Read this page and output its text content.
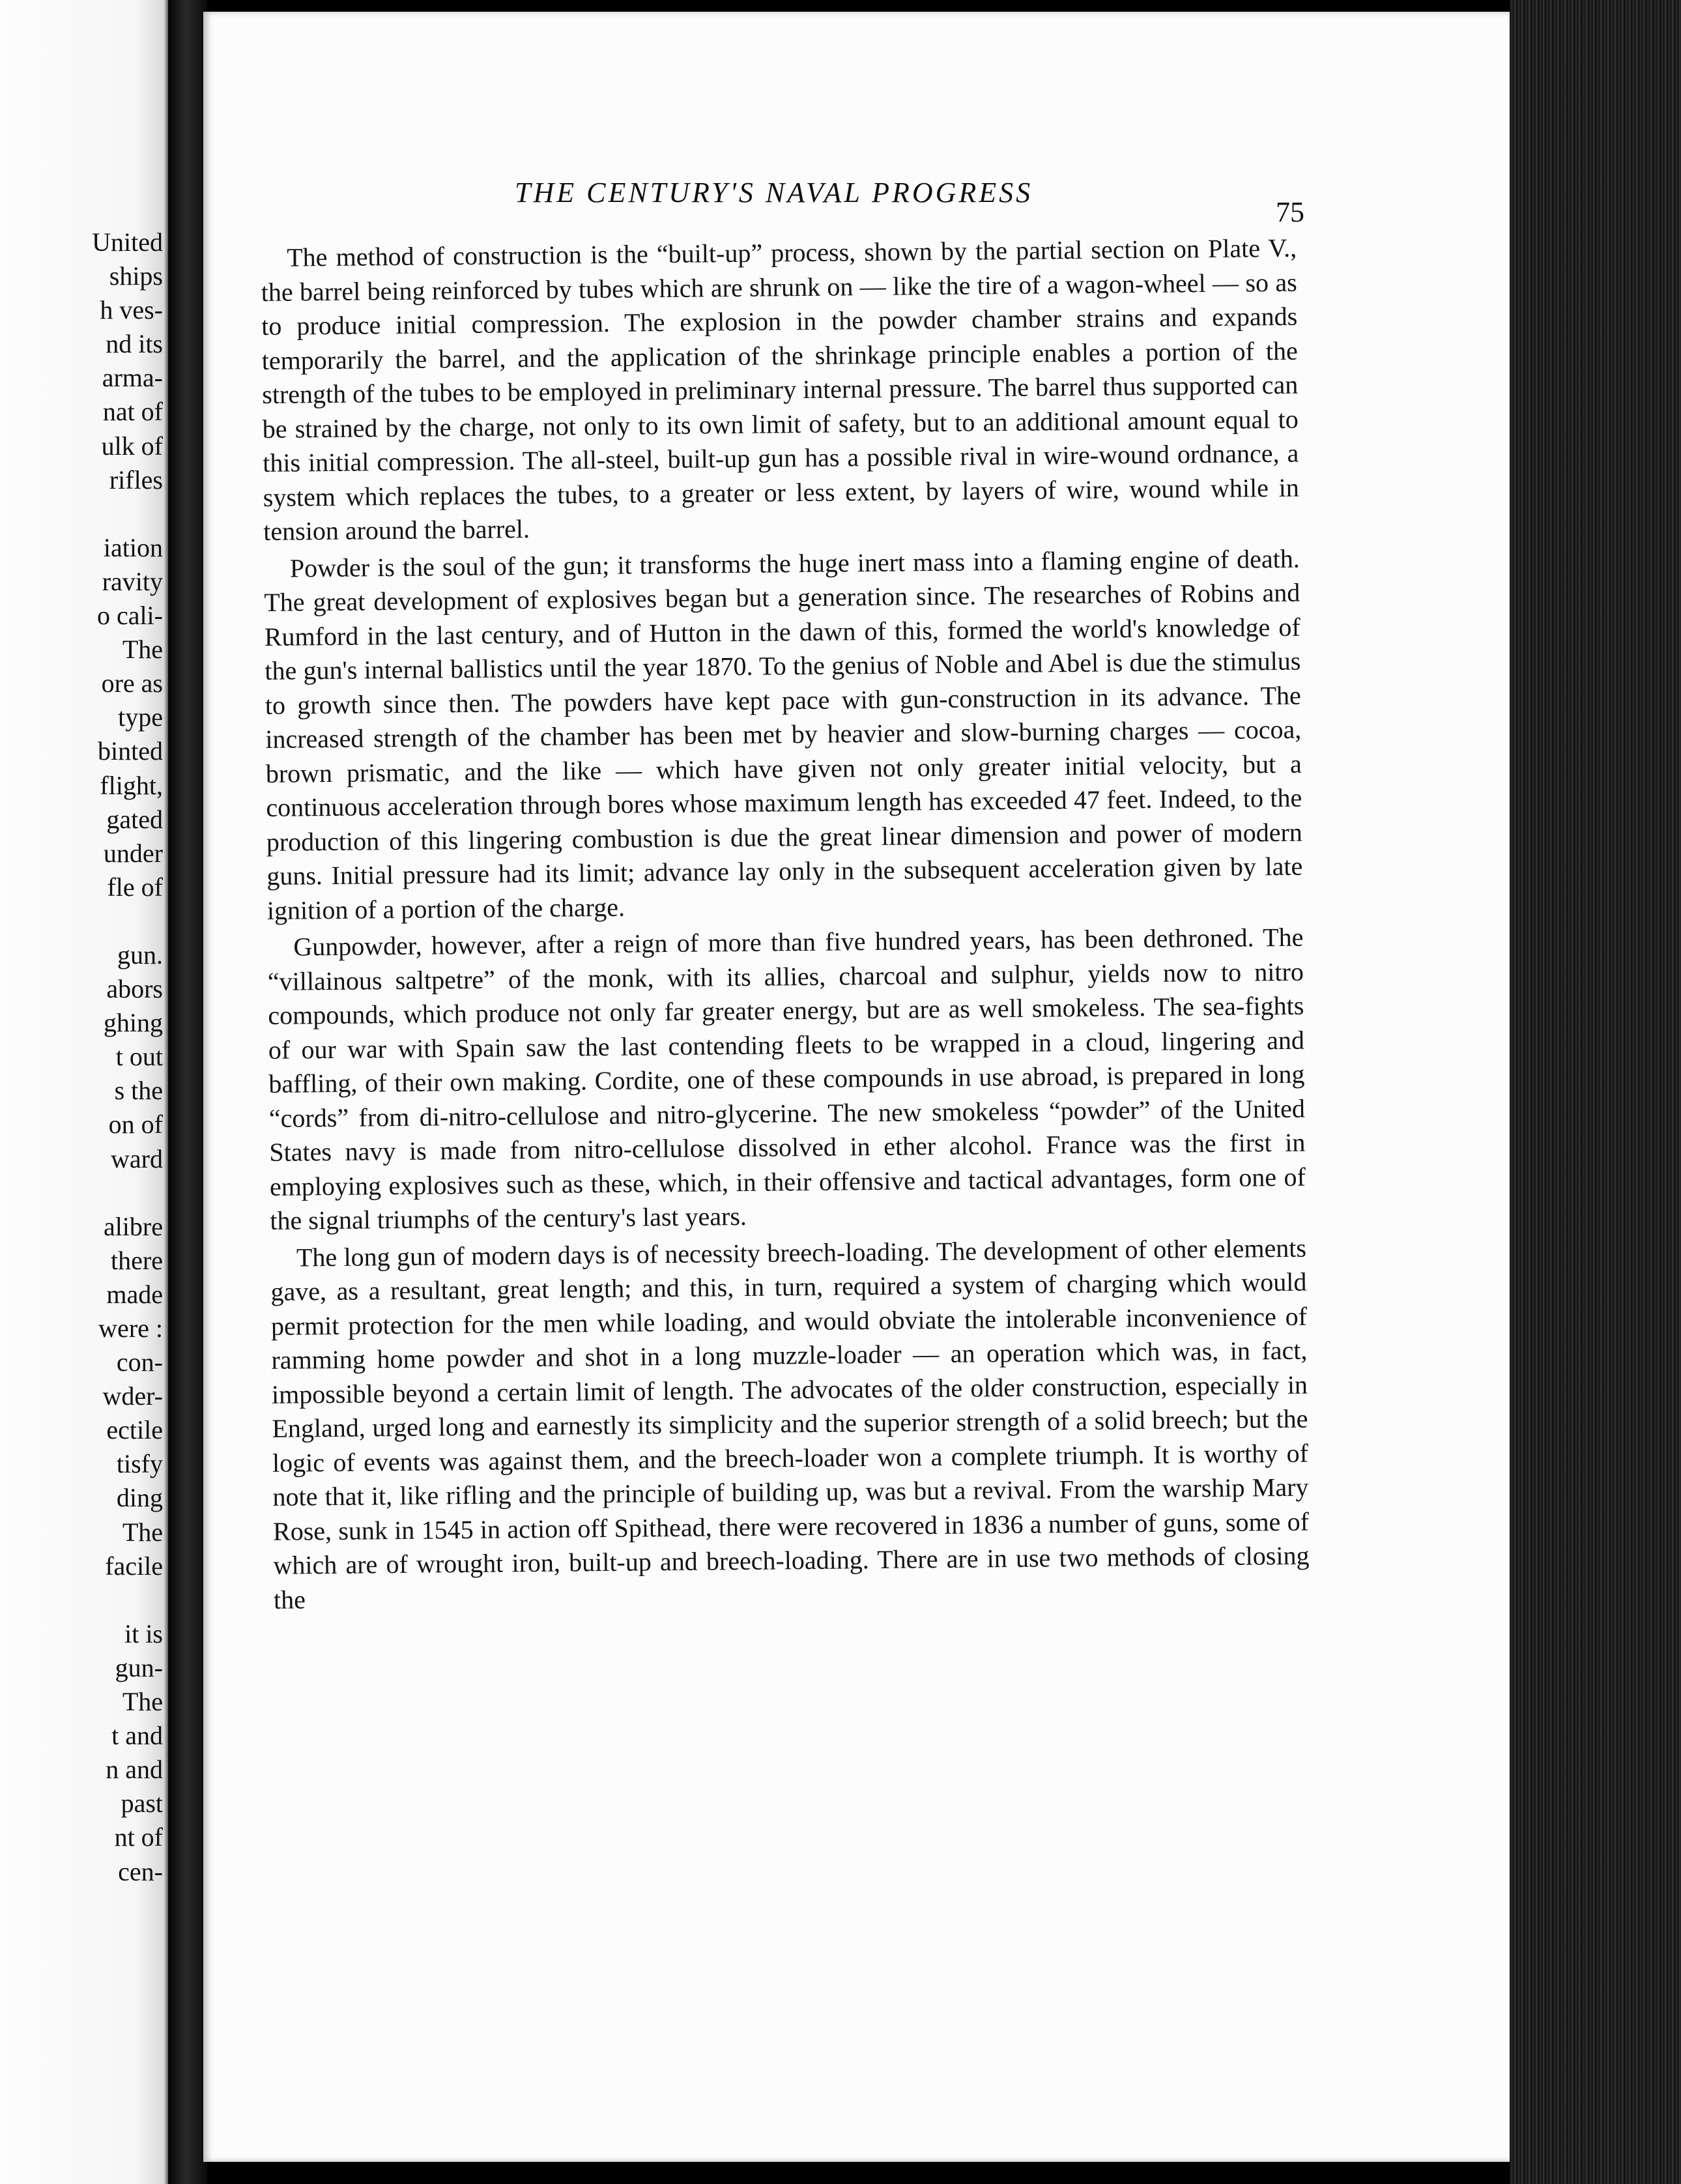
United
ships
h ves-
nd its
arma-
nat of
ulk of
rifles
iation
ravity
o cali-
The
ore as
type
binted
flight,
gated
under
fle of
gun.
abors
ghing
t out
s the
on of
ward
alibre
there
made
were :
con-
wder-
ectile
tisfy
ding
The
facile
it is
gun-
The
t and
n and
past
nt of
cen-
THE CENTURY'S NAVAL PROGRESS
75

The method of construction is the “built-up” process, shown by the partial section on Plate V., the barrel being reinforced by tubes which are shrunk on — like the tire of a wagon-wheel — so as to produce initial compression. The explosion in the powder chamber strains and expands temporarily the barrel, and the application of the shrinkage principle enables a portion of the strength of the tubes to be employed in preliminary internal pressure. The barrel thus supported can be strained by the charge, not only to its own limit of safety, but to an additional amount equal to this initial compression. The all-steel, built-up gun has a possible rival in wire-wound ordnance, a system which replaces the tubes, to a greater or less extent, by layers of wire, wound while in tension around the barrel.

Powder is the soul of the gun; it transforms the huge inert mass into a flaming engine of death. The great development of explosives began but a generation since. The researches of Robins and Rumford in the last century, and of Hutton in the dawn of this, formed the world's knowledge of the gun's internal ballistics until the year 1870. To the genius of Noble and Abel is due the stimulus to growth since then. The powders have kept pace with gun-construction in its advance. The increased strength of the chamber has been met by heavier and slow-burning charges — cocoa, brown prismatic, and the like — which have given not only greater initial velocity, but a continuous acceleration through bores whose maximum length has exceeded 47 feet. Indeed, to the production of this lingering combustion is due the great linear dimension and power of modern guns. Initial pressure had its limit; advance lay only in the subsequent acceleration given by late ignition of a portion of the charge.

Gunpowder, however, after a reign of more than five hundred years, has been dethroned. The “villainous saltpetre” of the monk, with its allies, charcoal and sulphur, yields now to nitro compounds, which produce not only far greater energy, but are as well smokeless. The sea-fights of our war with Spain saw the last contending fleets to be wrapped in a cloud, lingering and baffling, of their own making. Cordite, one of these compounds in use abroad, is prepared in long “cords” from di-nitro-cellulose and nitro-glycerine. The new smokeless “powder” of the United States navy is made from nitro-cellulose dissolved in ether alcohol. France was the first in employing explosives such as these, which, in their offensive and tactical advantages, form one of the signal triumphs of the century's last years.

The long gun of modern days is of necessity breech-loading. The development of other elements gave, as a resultant, great length; and this, in turn, required a system of charging which would permit protection for the men while loading, and would obviate the intolerable inconvenience of ramming home powder and shot in a long muzzle-loader — an operation which was, in fact, impossible beyond a certain limit of length. The advocates of the older construction, especially in England, urged long and earnestly its simplicity and the superior strength of a solid breech; but the logic of events was against them, and the breech-loader won a complete triumph. It is worthy of note that it, like rifling and the principle of building up, was but a revival. From the warship Mary Rose, sunk in 1545 in action off Spithead, there were recovered in 1836 a number of guns, some of which are of wrought iron, built-up and breech-loading. There are in use two methods of closing the
